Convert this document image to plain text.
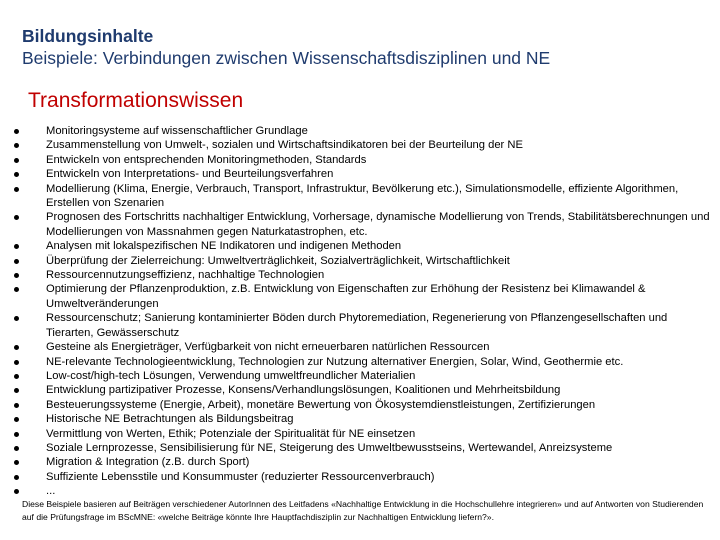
Bildungsinhalte
Beispiele: Verbindungen zwischen Wissenschaftsdisziplinen und NE
Transformationswissen
Monitoringsysteme auf wissenschaftlicher Grundlage
Zusammenstellung von Umwelt-, sozialen und Wirtschaftsindikatoren bei der Beurteilung der NE
Entwickeln von entsprechenden Monitoringmethoden, Standards
Entwickeln von Interpretations- und Beurteilungsverfahren
Modellierung (Klima, Energie, Verbrauch, Transport, Infrastruktur, Bevölkerung etc.), Simulationsmodelle, effiziente Algorithmen, Erstellen von Szenarien
Prognosen des Fortschritts nachhaltiger Entwicklung, Vorhersage, dynamische Modellierung von Trends, Stabilitätsberechnungen und Modellierungen von Massnahmen gegen Naturkatastrophen, etc.
Analysen mit lokalspezifischen NE Indikatoren und indigenen Methoden
Überprüfung der Zielerreichung: Umweltverträglichkeit, Sozialverträglichkeit, Wirtschaftlichkeit
Ressourcennutzungseffizienz, nachhaltige Technologien
Optimierung der Pflanzenproduktion, z.B. Entwicklung von Eigenschaften zur Erhöhung der Resistenz bei Klimawandel & Umweltveränderungen
Ressourcenschutz; Sanierung kontaminierter Böden durch Phytoremediation, Regenerierung von Pflanzengesellschaften und Tierarten, Gewässerschutz
Gesteine als Energieträger, Verfügbarkeit von nicht erneuerbaren natürlichen Ressourcen
NE-relevante Technologieentwicklung, Technologien zur Nutzung alternativer Energien, Solar, Wind, Geothermie etc.
Low-cost/high-tech Lösungen, Verwendung umweltfreundlicher Materialien
Entwicklung partizipativer Prozesse, Konsens/Verhandlungslösungen, Koalitionen und Mehrheitsbildung
Besteuerungssysteme (Energie, Arbeit), monetäre Bewertung von Ökosystemdienstleistungen, Zertifizierungen
Historische NE Betrachtungen als Bildungsbeitrag
Vermittlung von Werten, Ethik; Potenziale der Spiritualität für NE einsetzen
Soziale Lernprozesse, Sensibilisierung für NE, Steigerung des Umweltbewusstseins, Wertewandel, Anreizsysteme
Migration & Integration (z.B. durch Sport)
Suffiziente Lebensstile und Konsummuster (reduzierter Ressourcenverbrauch)
...
Diese Beispiele basieren auf Beiträgen verschiedener AutorInnen des Leitfadens «Nachhaltige Entwicklung in die Hochschullehre integrieren» und auf Antworten von Studierenden auf die Prüfungsfrage im BScMNE: «welche Beiträge könnte Ihre Hauptfachdisziplin zur Nachhaltigen Entwicklung liefern?».
